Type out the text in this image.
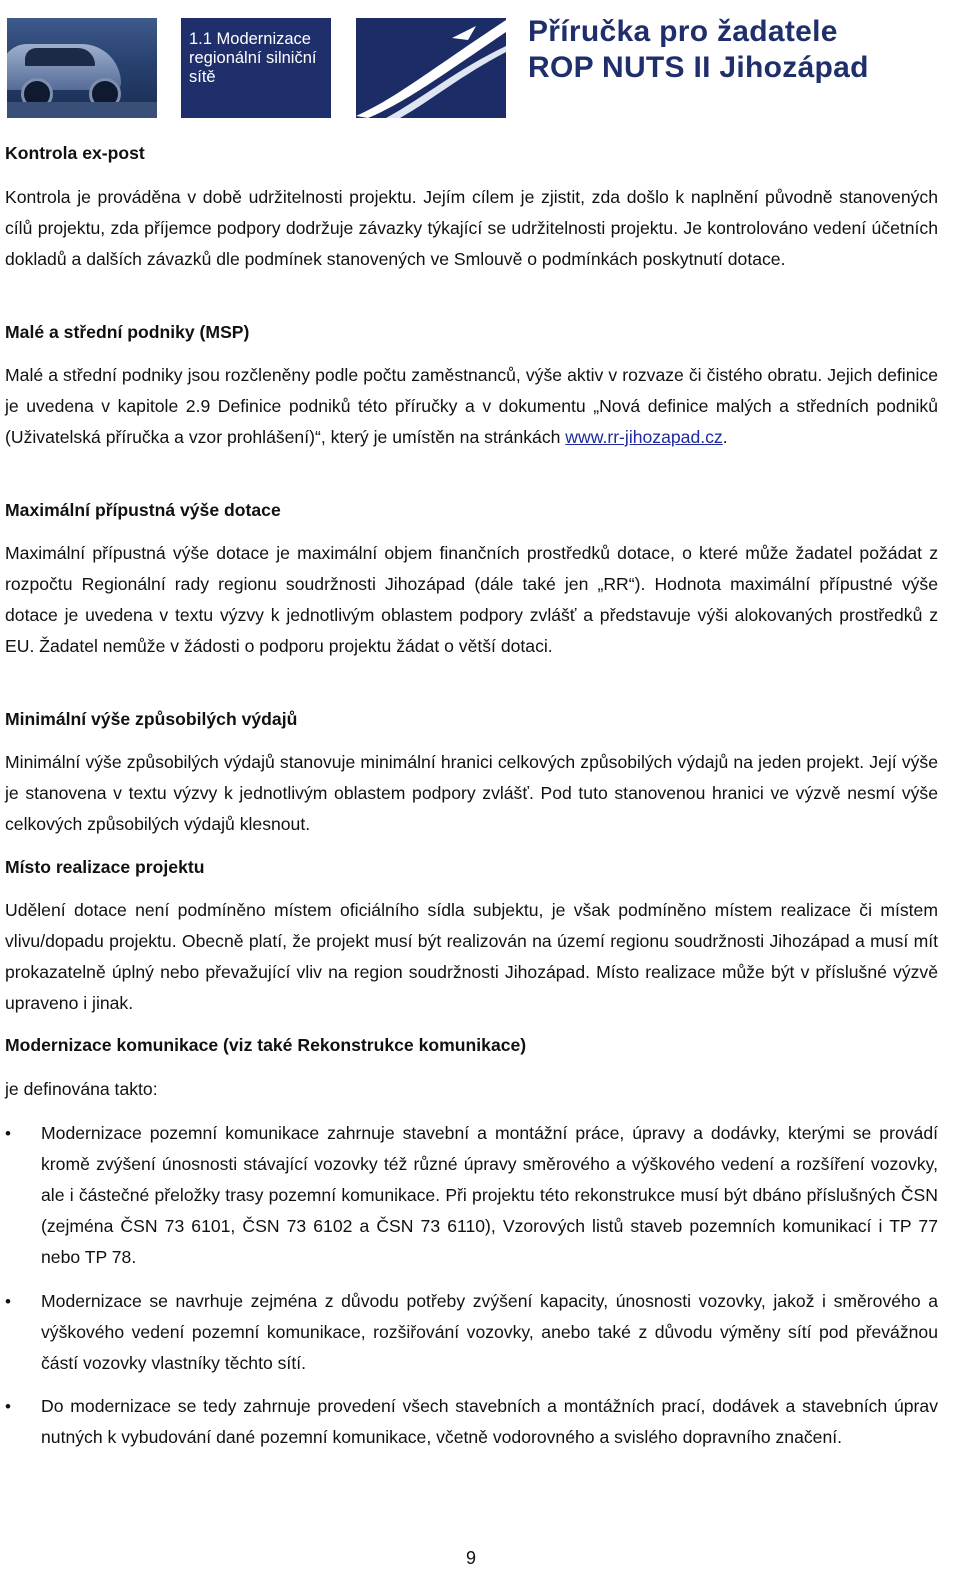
1.1 Modernizace
regionální silniční
sítě
Příručka pro žadatele
ROP NUTS II Jihozápad
Kontrola ex-post

Kontrola je prováděna v době udržitelnosti projektu. Jejím cílem je zjistit, zda došlo k naplnění původně stanovených cílů projektu, zda příjemce podpory dodržuje závazky týkající se udržitelnosti projektu. Je kontrolováno vedení účetních dokladů a dalších závazků dle podmínek stanovených ve Smlouvě o podmínkách poskytnutí dotace.

Malé a střední podniky (MSP)

Malé a střední podniky jsou rozčleněny podle počtu zaměstnanců, výše aktiv v rozvaze či čistého obratu. Jejich definice je uvedena v kapitole 2.9 Definice podniků této příručky a v dokumentu „Nová definice malých a středních podniků (Uživatelská příručka a vzor prohlášení)“, který je umístěn na stránkách www.rr-jihozapad.cz.

Maximální přípustná výše dotace

Maximální přípustná výše dotace je maximální objem finančních prostředků dotace, o které může žadatel požádat z rozpočtu Regionální rady regionu soudržnosti Jihozápad (dále také jen „RR“). Hodnota maximální přípustné výše dotace je uvedena v textu výzvy k jednotlivým oblastem podpory zvlášť a představuje výši alokovaných prostředků z EU. Žadatel nemůže v žádosti o podporu projektu žádat o větší dotaci.

Minimální výše způsobilých výdajů

Minimální výše způsobilých výdajů stanovuje minimální hranici celkových způsobilých výdajů na jeden projekt. Její výše je stanovena v textu výzvy k jednotlivým oblastem podpory zvlášť. Pod tuto stanovenou hranici ve výzvě nesmí výše celkových způsobilých výdajů klesnout.

Místo realizace projektu

Udělení dotace není podmíněno místem oficiálního sídla subjektu, je však podmíněno místem realizace či místem vlivu/dopadu projektu. Obecně platí, že projekt musí být realizován na území regionu soudržnosti Jihozápad a musí mít prokazatelně úplný nebo převažující vliv na region soudržnosti Jihozápad. Místo realizace může být v příslušné výzvě upraveno i jinak.

Modernizace komunikace (viz také Rekonstrukce komunikace)
je definována takto:
•	Modernizace pozemní komunikace zahrnuje stavební a montážní práce, úpravy a dodávky, kterými se provádí kromě zvýšení únosnosti stávající vozovky též různé úpravy směrového a výškového vedení a rozšíření vozovky, ale i částečné přeložky trasy pozemní komunikace. Při projektu této rekonstrukce musí být dbáno příslušných ČSN (zejména ČSN 73 6101, ČSN 73 6102 a ČSN 73 6110), Vzorových listů staveb pozemních komunikací i TP 77 nebo TP 78.

•	Modernizace se navrhuje zejména z důvodu potřeby zvýšení kapacity, únosnosti vozovky, jakož i směrového a výškového vedení pozemní komunikace, rozšiřování vozovky, anebo také z důvodu výměny sítí pod převážnou částí vozovky vlastníky těchto sítí.

•	Do modernizace se tedy zahrnuje provedení všech stavebních a montážních prací, dodávek a stavebních úprav nutných k vybudování dané pozemní komunikace, včetně vodorovného a svislého dopravního značení.

9
